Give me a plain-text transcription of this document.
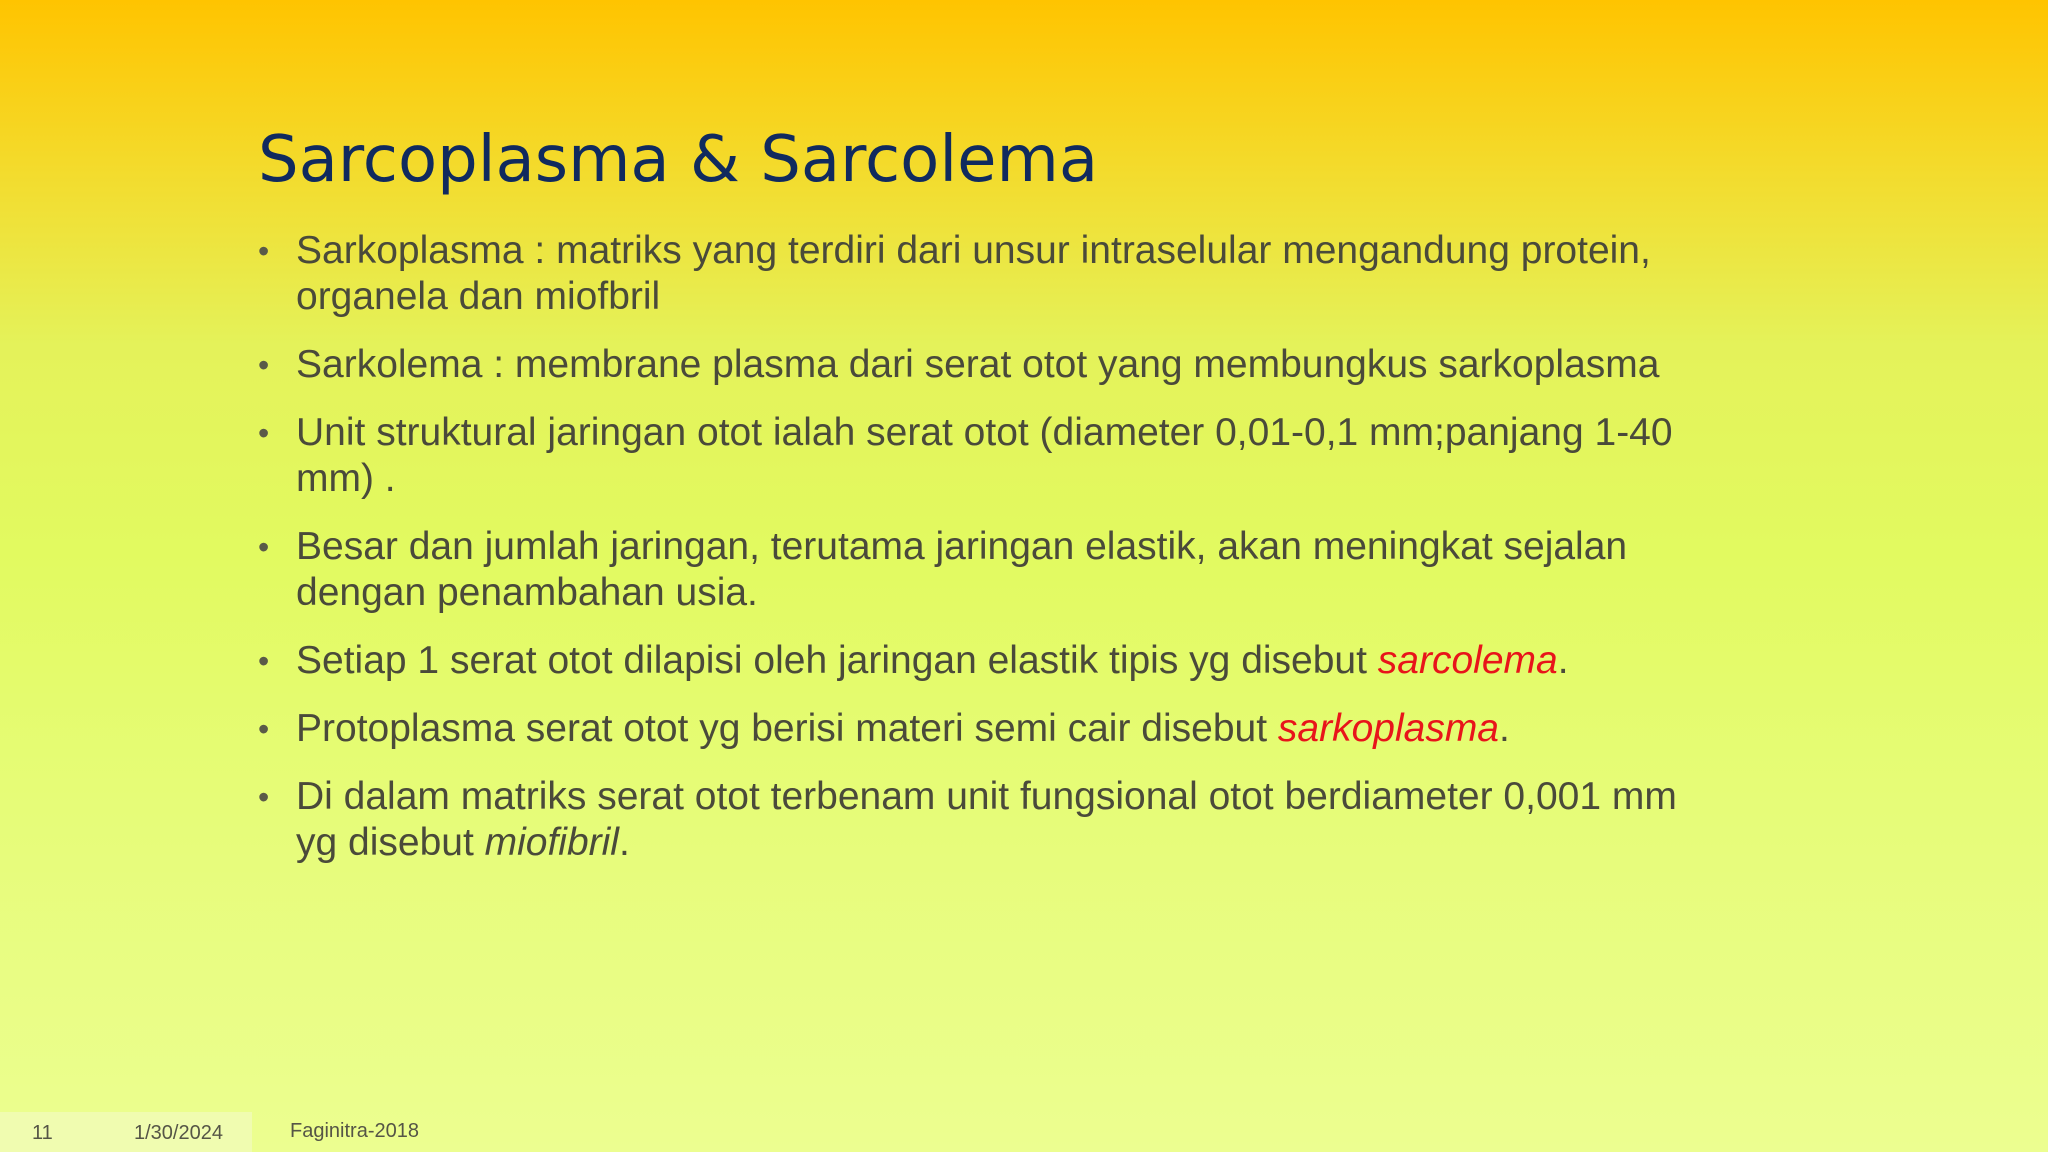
Sarcoplasma & Sarcolema
• Sarkoplasma : matriks yang terdiri dari unsur intraselular mengandung protein, organela dan miofbril
• Sarkolema : membrane plasma dari serat otot yang membungkus sarkoplasma
• Unit struktural jaringan otot ialah serat otot (diameter 0,01-0,1 mm;panjang 1-40 mm) .
• Besar dan jumlah jaringan, terutama jaringan elastik, akan meningkat sejalan dengan penambahan usia.
• Setiap 1 serat otot dilapisi oleh jaringan elastik tipis yg disebut sarcolema.
• Protoplasma serat otot yg berisi materi semi cair disebut sarkoplasma.
• Di dalam matriks serat otot terbenam unit fungsional otot berdiameter 0,001 mm yg disebut miofibril.
11	1/30/2024	Faginitra-2018
